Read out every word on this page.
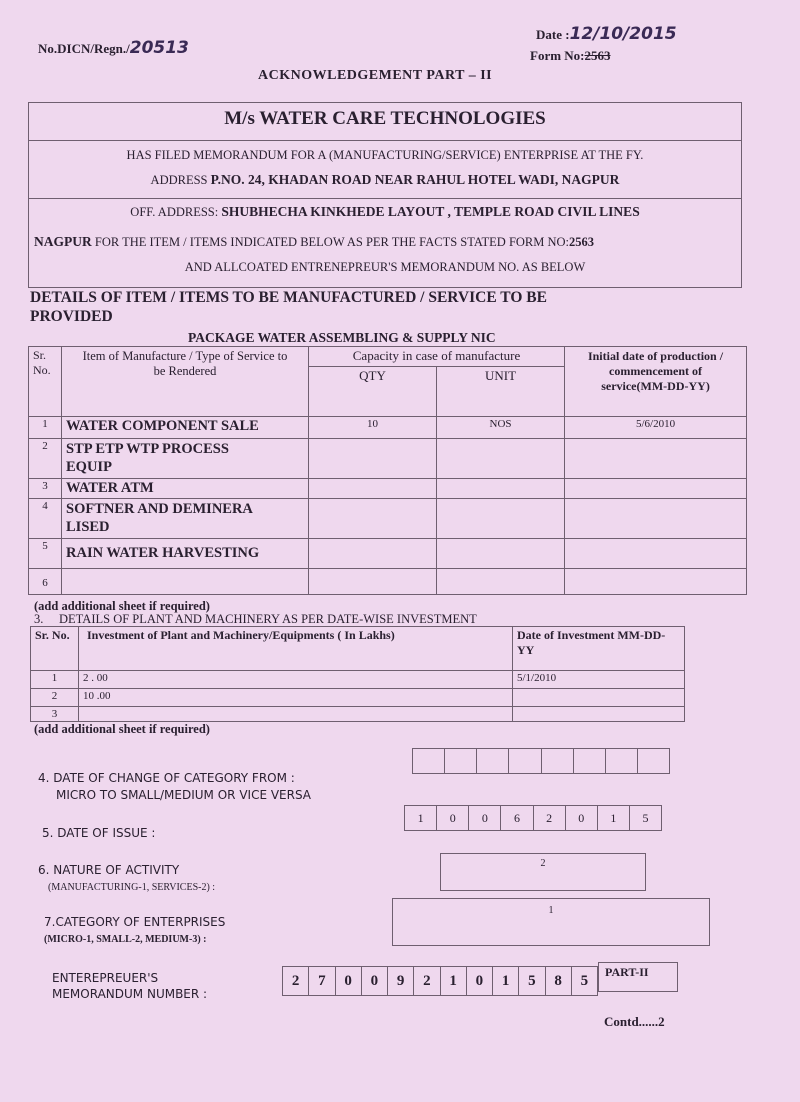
No.DICN/Regn./20513
Date :12/10/2015
Form No:2563
ACKNOWLEDGEMENT PART – II
M/s WATER CARE TECHNOLOGIES
HAS FILED MEMORANDUM FOR A (MANUFACTURING/SERVICE) ENTERPRISE AT THE FY.
ADDRESS P.NO. 24, KHADAN ROAD NEAR RAHUL HOTEL WADI, NAGPUR
OFF. ADDRESS: SHUBHECHA KINKHEDE LAYOUT , TEMPLE ROAD CIVIL LINES
NAGPUR FOR THE ITEM / ITEMS INDICATED BELOW AS PER THE FACTS STATED FORM NO:2563
AND ALLCOATED ENTRENEPREUR'S MEMORANDUM NO. AS BELOW
DETAILS OF ITEM / ITEMS TO BE MANUFACTURED / SERVICE TO BE
PROVIDED
PACKAGE WATER ASSEMBLING & SUPPLY NIC
Sr. No.	Item of Manufacture / Type of Service to be Rendered	Capacity in case of manufacture		Initial date of production / commencement of service(MM-DD-YY)
		QTY	UNIT	
1	WATER COMPONENT SALE	10	NOS	5/6/2010
2	STP ETP WTP PROCESS EQUIP			
3	WATER ATM			
4	SOFTNER AND DEMINERA LISED			
5	RAIN WATER HARVESTING			
6				
(add additional sheet if required)
3.     DETAILS OF PLANT AND MACHINERY AS PER DATE-WISE INVESTMENT
Sr. No.	Investment of Plant and Machinery/Equipments ( In Lakhs)	Date of Investment MM-DD-YY
1	2 . 00	5/1/2010
2	10 .00	
3		
(add additional sheet if required)
4. DATE OF CHANGE OF CATEGORY FROM :
MICRO TO SMALL/MEDIUM OR VICE VERSA

5. DATE OF ISSUE :
1	0	0	6	2	0	1	5
6. NATURE OF ACTIVITY
(MANUFACTURING-1, SERVICES-2) :
2
7.CATEGORY OF ENTERPRISES
(MICRO-1, SMALL-2, MEDIUM-3) :
1
ENTEREPREUER'S
MEMORANDUM NUMBER :
2	7	0	0	9	2	1	0	1	5	8	5
PART-II
Contd......2
